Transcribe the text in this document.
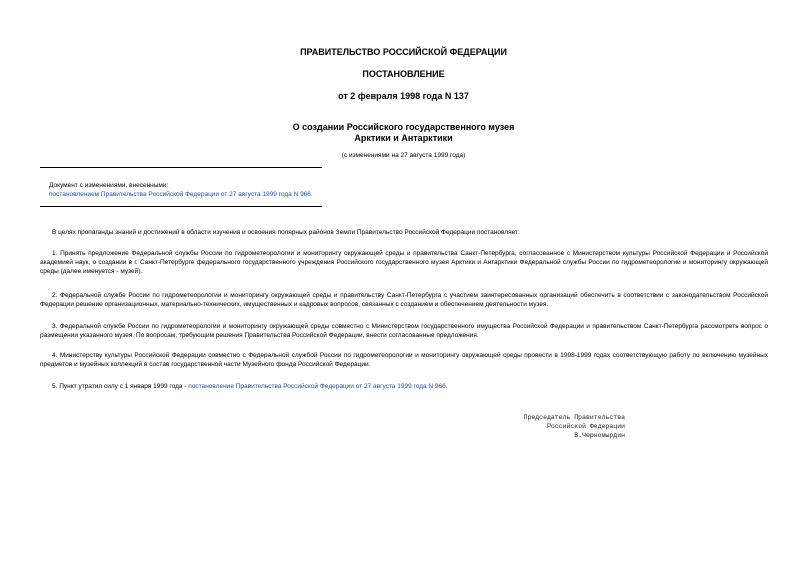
ПРАВИТЕЛЬСТВО РОССИЙСКОЙ ФЕДЕРАЦИИ
ПОСТАНОВЛЕНИЕ
от 2 февраля 1998 года N 137
О создании Российского государственного музея
Арктики и Антарктики
(с изменениями на 27 августа 1999 года)
Документ с изменениями, внесенными:
постановлением Правительства Российской Федерации от 27 августа 1999 года N 966.
В целях пропаганды знаний и достижений в области изучения и освоения полярных районов Земли Правительство Российской Федерации постановляет:
1. Принять предложение Федеральной службы России по гидрометеорологии и мониторингу окружающей среды и правительства Санкт-Петербурга, согласованное с Министерством культуры Российской Федерации и Российской академией наук, о создании в г. Санкт-Петербурге федерального государственного учреждения Российского государственного музея Арктики и Антарктики Федеральной службы России по гидрометеорологии и мониторингу окружающей среды (далее именуется - музей).
2. Федеральной службе России по гидрометеорологии и мониторингу окружающей среды и правительству Санкт-Петербурга с участием заинтересованных организаций обеспечить в соответствии с законодательством Российской Федерации решение организационных, материально-технических, имущественных и кадровых вопросов, связанных с созданием и обеспечением деятельности музея.
3. Федеральной службе России по гидрометеорологии и мониторингу окружающей среды совместно с Министерством государственного имущества Российской Федерации и правительством Санкт-Петербурга рассмотреть вопрос о размещении указанного музея. По вопросам, требующим решения Правительства Российской Федерации, внести согласованные предложения.
4. Министерству культуры Российской Федерации совместно с Федеральной службой России по гидрометеорологии и мониторингу окружающей среды провести в 1998-1999 годах соответствующую работу по включению музейных предметов и музейных коллекций в состав государственной части Музейного фонда Российской Федерации.
5. Пункт утратил силу с 1 января 1999 года - постановление Правительства Российской Федерации от 27 августа 1999 года N 966.
Председатель Правительства
Российской Федерации
В.Черномырдин
